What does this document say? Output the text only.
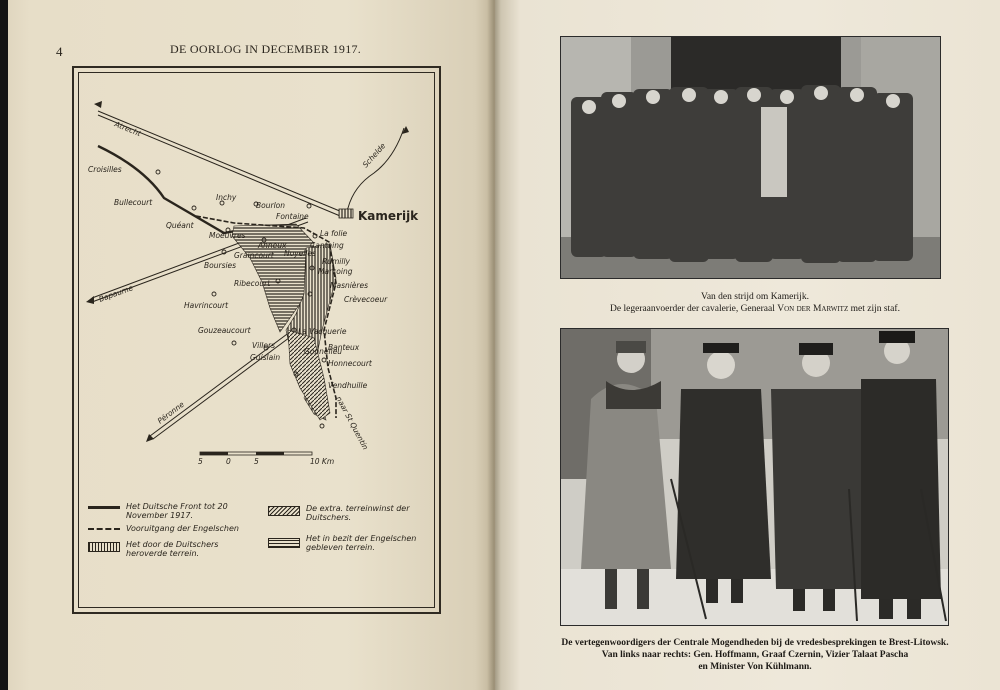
4	DE OORLOG IN DECEMBER 1917.
Atrecht
Bapaume
Péronne
Schelde
Kamerijk
Croisilles
Bullecourt
Quéant
Inchy
Bourlon
Fontaine
Moeuvres
Anneux	Cantaing
La folie
Boursies
Graincourt Noyelles
Rumilly
Marcoing
Masnières
Crèvecoeur
Ribecourt
Havrincourt
La Vacquerie
Gonnelieu
Gouzeaucourt
Villers
Guislain
Banteux
Honnecourt
Vendhuille
naar St Quentin
5	0	5	10 Km
Het Duitsche Front tot 20 November 1917.
Vooruitgang der Engelschen
Het door de Duitschers heroverde terrein.
De extra. terreinwinst der Duitschers.
Het in bezit der Engelschen gebleven terrein.
Van den strijd om Kamerijk.
De legeraanvoerder der cavalerie, Generaal Von der Marwitz met zijn staf.
De vertegenwoordigers der Centrale Mogendheden bij de vredesbesprekingen te Brest-Litowsk.
Van links naar rechts: Gen. Hoffmann, Graaf Czernin, Vizier Talaat Pascha
en Minister Von Kühlmann.
